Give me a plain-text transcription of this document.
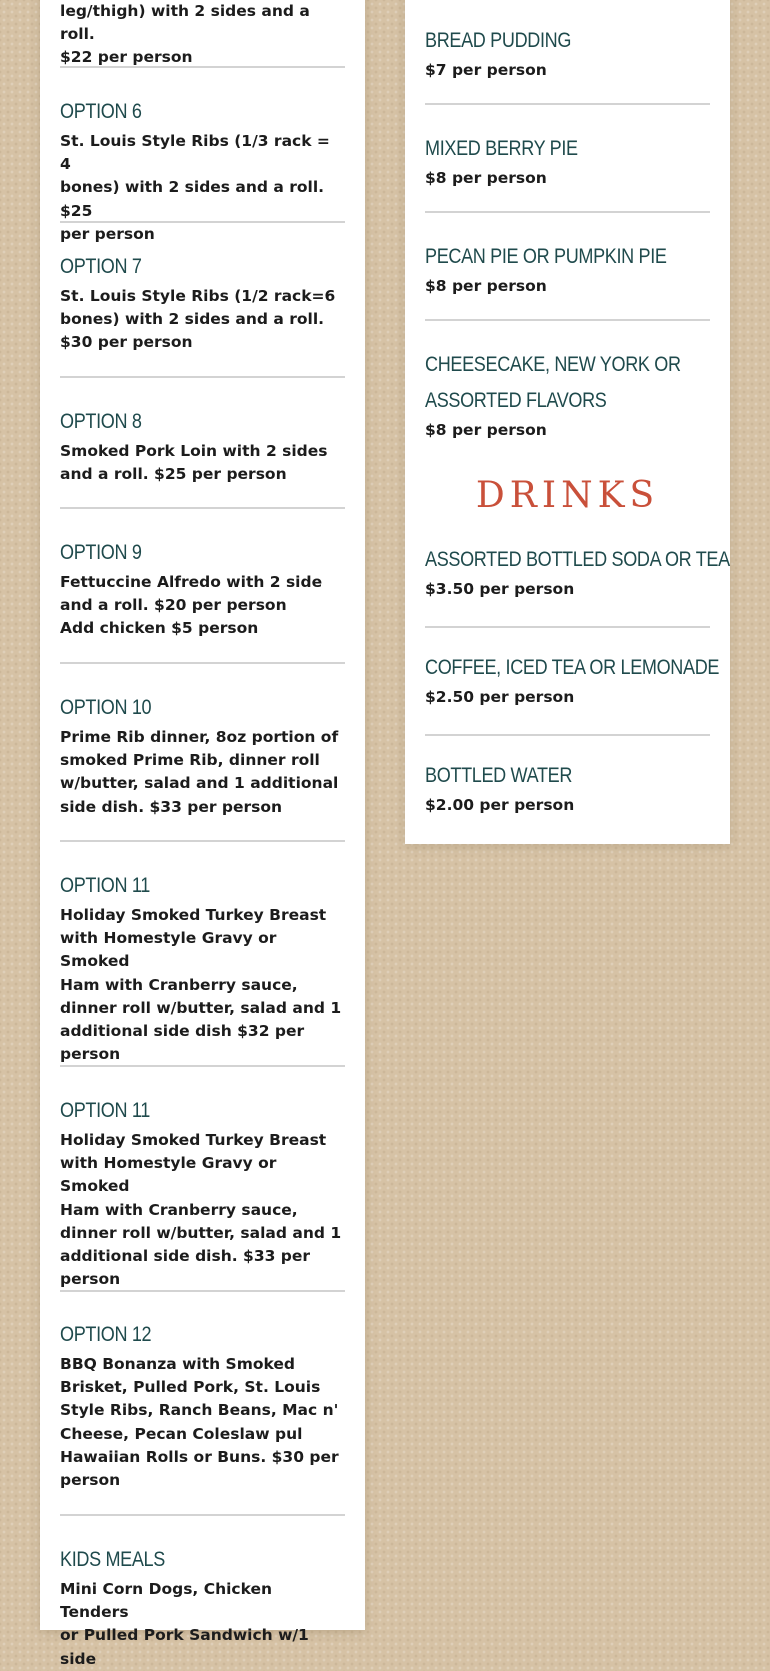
leg/thigh) with 2 sides and a roll.
$22 per person

OPTION 6

St. Louis Style Ribs (1/3 rack = 4
bones) with 2 sides and a roll. $25
per person

OPTION 7

St. Louis Style Ribs (1/2 rack=6
bones) with 2 sides and a roll.
$30 per person

OPTION 8

Smoked Pork Loin with 2 sides
and a roll. $25 per person

OPTION 9

Fettuccine Alfredo with 2 side
and a roll. $20 per person
Add chicken $5 person

OPTION 10

Prime Rib dinner, 8oz portion of
smoked Prime Rib, dinner roll
w/butter, salad and 1 additional
side dish. $33 per person

OPTION 11

Holiday Smoked Turkey Breast
with Homestyle Gravy or Smoked
Ham with Cranberry sauce,
dinner roll w/butter, salad and 1
additional side dish $32 per
person

OPTION 11

Holiday Smoked Turkey Breast
with Homestyle Gravy or Smoked
Ham with Cranberry sauce,
dinner roll w/butter, salad and 1
additional side dish. $33 per
person

OPTION 12

BBQ Bonanza with Smoked
Brisket, Pulled Pork, St. Louis
Style Ribs, Ranch Beans, Mac n'
Cheese, Pecan Coleslaw pul
Hawaiian Rolls or Buns. $30 per
person

KIDS MEALS

Mini Corn Dogs, Chicken Tenders
or Pulled Pork Sandwich w/1 side

BREAD PUDDING

$7 per person

MIXED BERRY PIE

$8 per person

PECAN PIE OR PUMPKIN PIE

$8 per person

CHEESECAKE, NEW YORK OR ASSORTED FLAVORS

$8 per person

DRINKS
ASSORTED BOTTLED SODA OR TEA

$3.50 per person

COFFEE, ICED TEA OR LEMONADE

$2.50 per person

BOTTLED WATER

$2.00 per person
